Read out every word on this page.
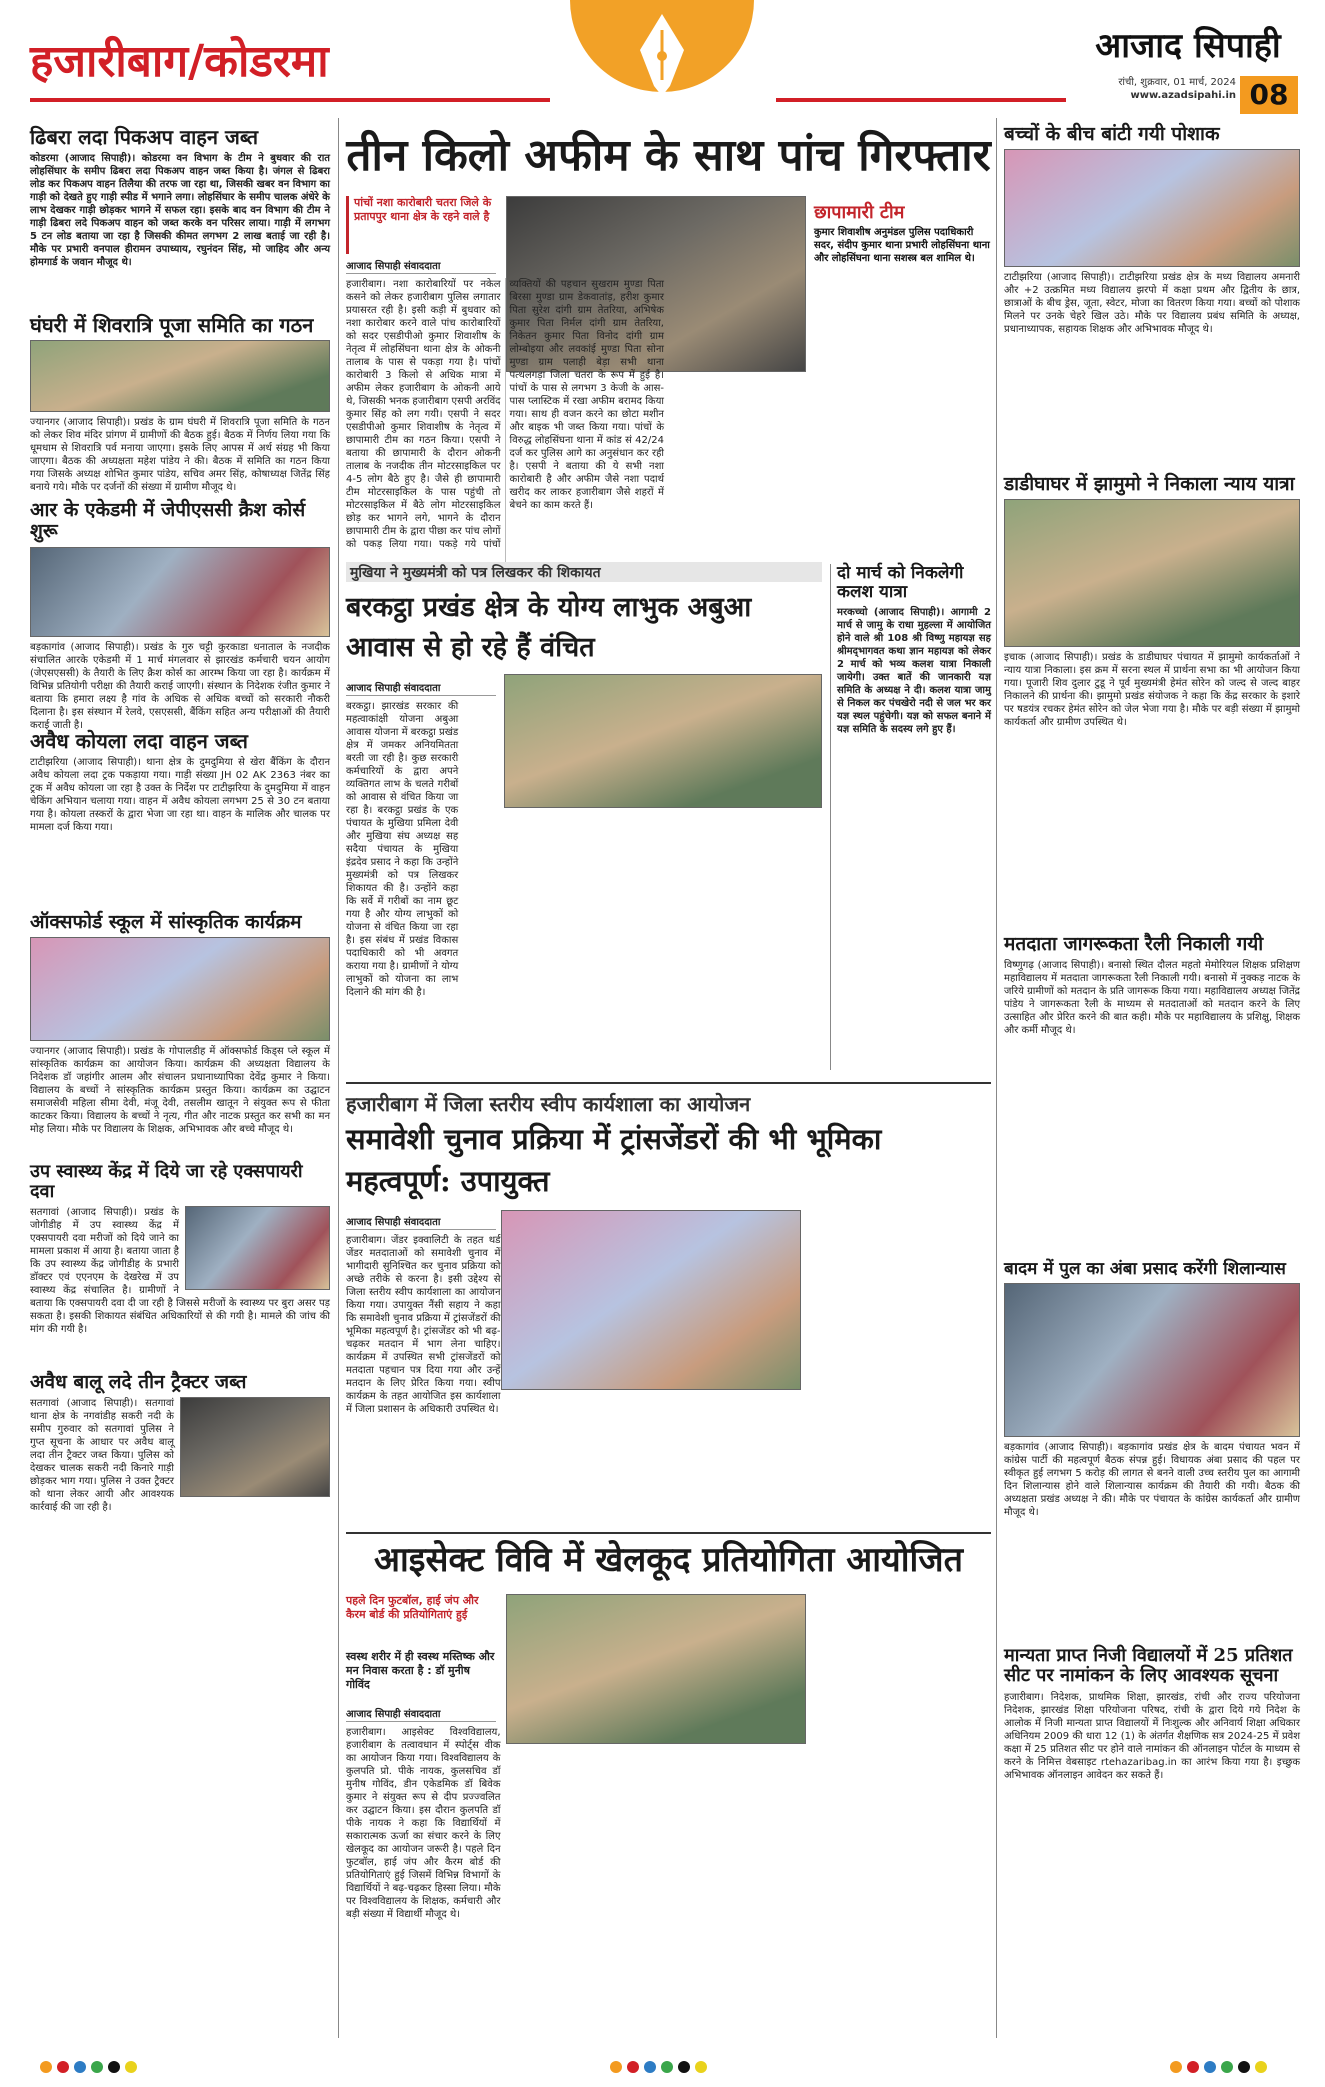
हजारीबाग/कोडरमा	आजाद सिपाही
रांची, शुक्रवार, 01 मार्च, 2024
www.azadsipahi.in 08
ढिबरा लदा पिकअप वाहन जब्त
कोडरमा (आजाद सिपाही)। कोडरमा वन विभाग के टीम ने बुधवार की रात लोहसिंघार के समीप ढिबरा लदा पिकअप वाहन जब्त किया है। जंगल से ढिबरा लोड कर पिकअप वाहन तिलैया की तरफ जा रहा था, जिसकी खबर वन विभाग का गाड़ी को देखते हुए गाड़ी स्पीड में भगाने लगा। लोहसिंघार के समीप चालक अंधेरे के लाभ देखकर गाड़ी छोड़कर भागने में सफल रहा। इसके बाद वन विभाग की टीम ने गाड़ी ढिबरा लदे पिकअप वाहन को जब्त करके वन परिसर लाया। गाड़ी में लगभग 5 टन लोड बताया जा रहा है जिसकी कीमत लगभग 2 लाख बताई जा रही है। मौके पर प्रभारी वनपाल हीरामन उपाध्याय, रघुनंदन सिंह, मो जाहिद और अन्य होमगार्ड के जवान मौजूद थे।
घंघरी में शिवरात्रि पूजा समिति का गठन
ज्यानगर (आजाद सिपाही)। प्रखंड के ग्राम घंघरी में शिवरात्रि पूजा समिति के गठन को लेकर शिव मंदिर प्रांगण में ग्रामीणों की बैठक हुई। बैठक में निर्णय लिया गया कि धूमधाम से शिवरात्रि पर्व मनाया जाएगा। इसके लिए आपस में अर्थ संग्रह भी किया जाएगा। बैठक की अध्यक्षता महेश पांडेय ने की। बैठक में समिति का गठन किया गया जिसके अध्यक्ष शोभित कुमार पांडेय, सचिव अमर सिंह, कोषाध्यक्ष जितेंद्र सिंह बनाये गये। मौके पर दर्जनों की संख्या में ग्रामीण मौजूद थे।
आर के एकेडमी में जेपीएससी क्रैश कोर्स शुरू
बड़कागांव (आजाद सिपाही)। प्रखंड के गुरु चट्टी कुरकाडा धनाताल के नजदीक संचालित आरके एकेडमी में 1 मार्च मंगलवार से झारखंड कर्मचारी चयन आयोग (जेएसएससी) के तैयारी के लिए क्रैश कोर्स का आरम्भ किया जा रहा है। कार्यक्रम में विभिन्न प्रतियोगी परीक्षा की तैयारी कराई जाएगी। संस्थान के निदेशक रंजीत कुमार ने बताया कि हमारा लक्ष्य है गांव के अधिक से अधिक बच्चों को सरकारी नौकरी दिलाना है। इस संस्थान में रेलवे, एसएससी, बैंकिंग सहित अन्य परीक्षाओं की तैयारी कराई जाती है।
अवैध कोयला लदा वाहन जब्त
टाटीझरिया (आजाद सिपाही)। थाना क्षेत्र के दुमदुमिया से खेरा बैंकिंग के दौरान अवैध कोयला लदा ट्रक पकड़ाया गया। गाड़ी संख्या JH 02 AK 2363 नंबर का ट्रक में अवैध कोयला जा रहा है उक्त के निर्देश पर टाटीझरिया के दुमदुमिया में वाहन चेकिंग अभियान चलाया गया। वाहन में अवैध कोयला लगभग 25 से 30 टन बताया गया है। कोयला तस्करों के द्वारा भेजा जा रहा था। वाहन के मालिक और चालक पर मामला दर्ज किया गया।
ऑक्सफोर्ड स्कूल में सांस्कृतिक कार्यक्रम
ज्यानगर (आजाद सिपाही)। प्रखंड के गोपालडीह में ऑक्सफोर्ड किड्स प्ले स्कूल में सांस्कृतिक कार्यक्रम का आयोजन किया। कार्यक्रम की अध्यक्षता विद्यालय के निदेशक डॉ जहांगीर आलम और संचालन प्रधानाध्यापिका देवेंद्र कुमार ने किया। विद्यालय के बच्चों ने सांस्कृतिक कार्यक्रम प्रस्तुत किया। कार्यक्रम का उद्घाटन समाजसेवी महिला सीमा देवी, मंजू देवी, तसलीम खातून ने संयुक्त रूप से फीता काटकर किया। विद्यालय के बच्चों ने नृत्य, गीत और नाटक प्रस्तुत कर सभी का मन मोह लिया। मौके पर विद्यालय के शिक्षक, अभिभावक और बच्चे मौजूद थे।
उप स्वास्थ्य केंद्र में दिये जा रहे एक्सपायरी दवा
सतगावां (आजाद सिपाही)। प्रखंड के जोगीडीह में उप स्वास्थ्य केंद्र में एक्सपायरी दवा मरीजों को दिये जाने का मामला प्रकाश में आया है। बताया जाता है कि उप स्वास्थ्य केंद्र जोगीडीह के प्रभारी डॉक्टर एवं एएनएम के देखरेख में उप स्वास्थ्य केंद्र संचालित है। ग्रामीणों ने बताया कि एक्सपायरी दवा दी जा रही है जिससे मरीजों के स्वास्थ्य पर बुरा असर पड़ सकता है। इसकी शिकायत संबंधित अधिकारियों से की गयी है। मामले की जांच की मांग की गयी है।
अवैध बालू लदे तीन ट्रैक्टर जब्त
सतगावां (आजाद सिपाही)। सतगावां थाना क्षेत्र के नगवांडीह सकरी नदी के समीप गुरुवार को सतगावां पुलिस ने गुप्त सूचना के आधार पर अवैध बालू लदा तीन ट्रैक्टर जब्त किया। पुलिस को देखकर चालक सकरी नदी किनारे गाड़ी छोड़कर भाग गया। पुलिस ने उक्त ट्रैक्टर को थाना लेकर आयी और आवश्यक कार्रवाई की जा रही है।
तीन किलो अफीम के साथ पांच गिरफ्तार
पांचों नशा कारोबारी चतरा जिले के प्रतापपुर थाना क्षेत्र के रहने वाले है
आजाद सिपाही संवाददाता
छापामारी टीम
कुमार शिवाशीष अनुमंडल पुलिस पदाधिकारी सदर, संदीप कुमार थाना प्रभारी लोहसिंघना थाना और लोहसिंघना थाना सशस्त्र बल शामिल थे।
हजारीबाग। नशा कारोबारियों पर नकेल कसने को लेकर हजारीबाग पुलिस लगातार प्रयासरत रही है। इसी कड़ी में बुधवार को नशा कारोबार करने वाले पांच कारोबारियों को सदर एसडीपीओ कुमार शिवाशीष के नेतृत्व में लोहसिंघना थाना क्षेत्र के ओकनी तालाब के पास से पकड़ा गया है। पांचों कारोबारी 3 किलो से अधिक मात्रा में अफीम लेकर हजारीबाग के ओकनी आये थे, जिसकी भनक हजारीबाग एसपी अरविंद कुमार सिंह को लग गयी। एसपी ने सदर एसडीपीओ कुमार शिवाशीष के नेतृत्व में छापामारी टीम का गठन किया। एसपी ने बताया की छापामारी के दौरान ओकनी तालाब के नजदीक तीन मोटरसाइकिल पर 4-5 लोग बैठे हुए है। जैसे ही छापामारी टीम मोटरसाइकिल के पास पहुंची तो मोटरसाइकिल में बैठे लोग मोटरसाइकिल छोड़ कर भागने लगे, भागने के दौरान छापामारी टीम के द्वारा पीछा कर पांच लोगों को पकड़ लिया गया। पकड़े गये पांचों व्यक्तियों की पहचान सुखराम मुण्डा पिता बिरसा मुण्डा ग्राम डेकवातांड़, हरीश कुमार पिता सुरेश दांगी ग्राम तेतरिया, अभिषेक कुमार पिता निर्मल दांगी ग्राम तेतरिया, निकेतन कुमार पिता विनोद दांगी ग्राम लोम्बोइया और लवकांई मुण्डा पिता सोना मुण्डा ग्राम पलाही बेड़ा सभी थाना पत्थलगड़ा जिला चतरा के रूप में हुई है। पांचों के पास से लगभग 3 केजी के आस-पास प्लास्टिक में रखा अफीम बरामद किया गया। साथ ही वजन करने का छोटा मशीन और बाइक भी जब्त किया गया। पांचों के विरुद्ध लोहसिंघना थाना में कांड सं 42/24 दर्ज कर पुलिस आगे का अनुसंधान कर रही है। एसपी ने बताया की ये सभी नशा कारोबारी है और अफीम जैसे नशा पदार्थ खरीद कर लाकर हजारीबाग जैसे शहरों में बेचने का काम करते हैं।
मुखिया ने मुख्यमंत्री को पत्र लिखकर की शिकायत
बरकट्ठा प्रखंड क्षेत्र के योग्य लाभुक अबुआ आवास से हो रहे हैं वंचित
आजाद सिपाही संवाददाता
बरकट्ठा। झारखंड सरकार की महत्वाकांक्षी योजना अबुआ आवास योजना में बरकट्ठा प्रखंड क्षेत्र में जमकर अनियमितता बरती जा रही है। कुछ सरकारी कर्मचारियों के द्वारा अपने व्यक्तिगत लाभ के चलते गरीबों को आवास से वंचित किया जा रहा है। बरकट्ठा प्रखंड के एक पंचायत के मुखिया प्रमिला देवी और मुखिया संघ अध्यक्ष सह सदैया पंचायत के मुखिया इंद्रदेव प्रसाद ने कहा कि उन्होंने मुख्यमंत्री को पत्र लिखकर शिकायत की है। उन्होंने कहा कि सर्वे में गरीबों का नाम छूट गया है और योग्य लाभुकों को योजना से वंचित किया जा रहा है। इस संबंध में प्रखंड विकास पदाधिकारी को भी अवगत कराया गया है। ग्रामीणों ने योग्य लाभुकों को योजना का लाभ दिलाने की मांग की है।
दो मार्च को निकलेगी कलश यात्रा
मरकच्चो (आजाद सिपाही)। आगामी 2 मार्च से जामु के राधा मुहल्ला में आयोजित होने वाले श्री 108 श्री विष्णु महायज्ञ सह श्रीमद्‌भागवत कथा ज्ञान महायज्ञ को लेकर 2 मार्च को भव्य कलश यात्रा निकाली जायेगी। उक्त बातें की जानकारी यज्ञ समिति के अध्यक्ष ने दी। कलश यात्रा जामु से निकल कर पंचखेरो नदी से जल भर कर यज्ञ स्थल पहुंचेगी। यज्ञ को सफल बनाने में यज्ञ समिति के सदस्य लगे हुए हैं।
हजारीबाग में जिला स्तरीय स्वीप कार्यशाला का आयोजन
समावेशी चुनाव प्रक्रिया में ट्रांसजेंडरों की भी भूमिका महत्वपूर्ण: उपायुक्त
आजाद सिपाही संवाददाता
हजारीबाग। जेंडर इक्वालिटी के तहत थर्ड जेंडर मतदाताओं को समावेशी चुनाव में भागीदारी सुनिश्चित कर चुनाव प्रक्रिया को अच्छे तरीके से करना है। इसी उद्देश्य से जिला स्तरीय स्वीप कार्यशाला का आयोजन किया गया। उपायुक्त नैंसी सहाय ने कहा कि समावेशी चुनाव प्रक्रिया में ट्रांसजेंडरों की भूमिका महत्वपूर्ण है। ट्रांसजेंडर को भी बढ़-चढ़कर मतदान में भाग लेना चाहिए। कार्यक्रम में उपस्थित सभी ट्रांसजेंडरों को मतदाता पहचान पत्र दिया गया और उन्हें मतदान के लिए प्रेरित किया गया। स्वीप कार्यक्रम के तहत आयोजित इस कार्यशाला में जिला प्रशासन के अधिकारी उपस्थित थे।
आइसेक्ट विवि में खेलकूद प्रतियोगिता आयोजित
पहले दिन फुटबॉल, हाई जंप और कैरम बोर्ड की प्रतियोगिताएं हुई
स्वस्थ शरीर में ही स्वस्थ मस्तिष्क और मन निवास करता है : डॉ मुनीष गोविंद
आजाद सिपाही संवाददाता
हजारीबाग। आइसेक्ट विश्वविद्यालय, हजारीबाग के तत्वावधान में स्पोर्ट्स वीक का आयोजन किया गया। विश्वविद्यालय के कुलपति प्रो. पीके नायक, कुलसचिव डॉ मुनीष गोविंद, डीन एकेडमिक डॉ बिवेक कुमार ने संयुक्त रूप से दीप प्रज्ज्वलित कर उद्घाटन किया। इस दौरान कुलपति डॉ पीके नायक ने कहा कि विद्यार्थियों में सकारात्मक ऊर्जा का संचार करने के लिए खेलकूद का आयोजन जरूरी है। पहले दिन फुटबॉल, हाई जंप और कैरम बोर्ड की प्रतियोगिताएं हुई जिसमें विभिन्न विभागों के विद्यार्थियों ने बढ़-चढ़कर हिस्सा लिया। मौके पर विश्वविद्यालय के शिक्षक, कर्मचारी और बड़ी संख्या में विद्यार्थी मौजूद थे।
बच्चों के बीच बांटी गयी पोशाक
टाटीझरिया (आजाद सिपाही)। टाटीझरिया प्रखंड क्षेत्र के मध्य विद्यालय अमनारी और +2 उत्क्रमित मध्य विद्यालय झरपो में कक्षा प्रथम और द्वितीय के छात्र, छात्राओं के बीच ड्रेस, जूता, स्वेटर, मोजा का वितरण किया गया। बच्चों को पोशाक मिलने पर उनके चेहरे खिल उठे। मौके पर विद्यालय प्रबंध समिति के अध्यक्ष, प्रधानाध्यापक, सहायक शिक्षक और अभिभावक मौजूद थे।
डाडीघाघर में झामुमो ने निकाला न्याय यात्रा
इचाक (आजाद सिपाही)। प्रखंड के डाडीघाघर पंचायत में झामुमो कार्यकर्ताओं ने न्याय यात्रा निकाला। इस क्रम में सरना स्थल में प्रार्थना सभा का भी आयोजन किया गया। पूजारी शिव दुलार टुडू ने पूर्व मुख्यमंत्री हेमंत सोरेन को जल्द से जल्द बाहर निकालने की प्रार्थना की। झामुमो प्रखंड संयोजक ने कहा कि केंद्र सरकार के इशारे पर षडयंत्र रचकर हेमंत सोरेन को जेल भेजा गया है। मौके पर बड़ी संख्या में झामुमो कार्यकर्ता और ग्रामीण उपस्थित थे।
मतदाता जागरूकता रैली निकाली गयी
विष्णुगढ़ (आजाद सिपाही)। बनासो स्थित दौलत महतो मेमोरियल शिक्षक प्रशिक्षण महाविद्यालय में मतदाता जागरूकता रैली निकाली गयी। बनासो में नुक्कड़ नाटक के जरिये ग्रामीणों को मतदान के प्रति जागरूक किया गया। महाविद्यालय अध्यक्ष जितेंद्र पांडेय ने जागरूकता रैली के माध्यम से मतदाताओं को मतदान करने के लिए उत्साहित और प्रेरित करने की बात कही। मौके पर महाविद्यालय के प्रशिक्षु, शिक्षक और कर्मी मौजूद थे।
बादम में पुल का अंबा प्रसाद करेंगी शिलान्यास
बड़कागांव (आजाद सिपाही)। बड़कागांव प्रखंड क्षेत्र के बादम पंचायत भवन में कांग्रेस पार्टी की महत्वपूर्ण बैठक संपन्न हुई। विधायक अंबा प्रसाद की पहल पर स्वीकृत हुई लगभग 5 करोड़ की लागत से बनने वाली उच्च स्तरीय पुल का आगामी दिन शिलान्यास होने वाले शिलान्यास कार्यक्रम की तैयारी की गयी। बैठक की अध्यक्षता प्रखंड अध्यक्ष ने की। मौके पर पंचायत के कांग्रेस कार्यकर्ता और ग्रामीण मौजूद थे।
मान्यता प्राप्त निजी विद्यालयों में 25 प्रतिशत सीट पर नामांकन के लिए आवश्यक सूचना
हजारीबाग। निदेशक, प्राथमिक शिक्षा, झारखंड, रांची और राज्य परियोजना निदेशक, झारखंड शिक्षा परियोजना परिषद, रांची के द्वारा दिये गये निदेश के आलोक में निजी मान्यता प्राप्त विद्यालयों में निःशुल्क और अनिवार्य शिक्षा अधिकार अधिनियम 2009 की धारा 12 (1) के अंतर्गत शैक्षणिक सत्र 2024-25 में प्रवेश कक्षा में 25 प्रतिशत सीट पर होने वाले नामांकन की ऑनलाइन पोर्टल के माध्यम से करने के निमित्त वेबसाइट rtehazaribag.in का आरंभ किया गया है। इच्छुक अभिभावक ऑनलाइन आवेदन कर सकते हैं।
